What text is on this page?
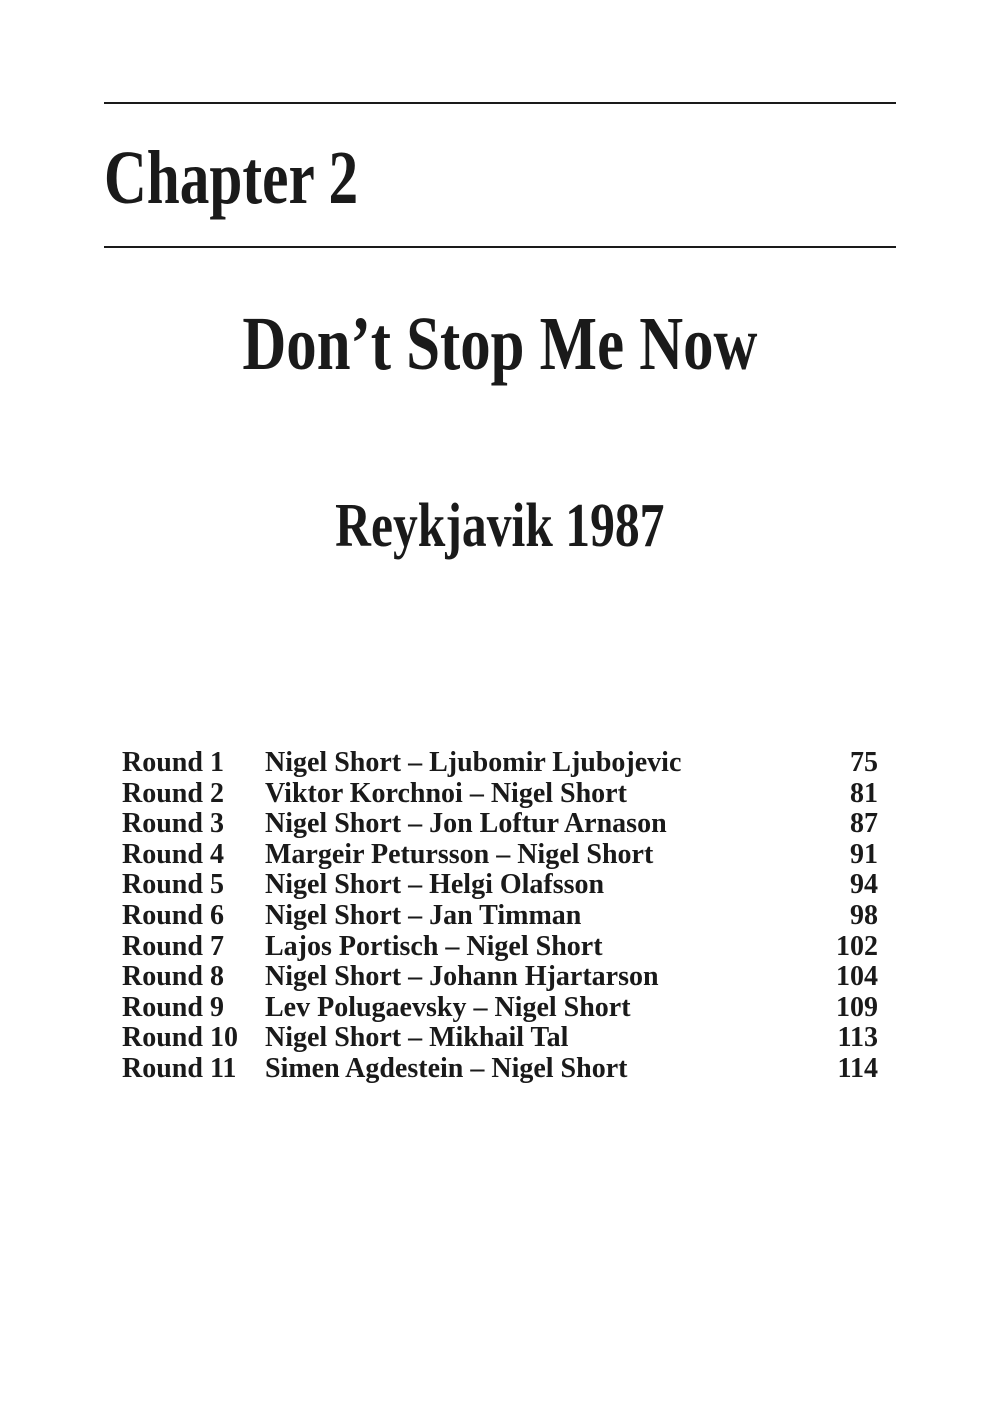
Chapter 2
Don’t Stop Me Now
Reykjavik 1987
Round 1 Nigel Short – Ljubomir Ljubojevic	75
Round 2 Viktor Korchnoi – Nigel Short	81
Round 3 Nigel Short – Jon Loftur Arnason	87
Round 4 Margeir Petursson – Nigel Short	91
Round 5 Nigel Short – Helgi Olafsson	94
Round 6 Nigel Short – Jan Timman	98
Round 7 Lajos Portisch – Nigel Short	102
Round 8 Nigel Short – Johann Hjartarson	104
Round 9 Lev Polugaevsky – Nigel Short	109
Round 10 Nigel Short – Mikhail Tal	113
Round 11 Simen Agdestein – Nigel Short	114
